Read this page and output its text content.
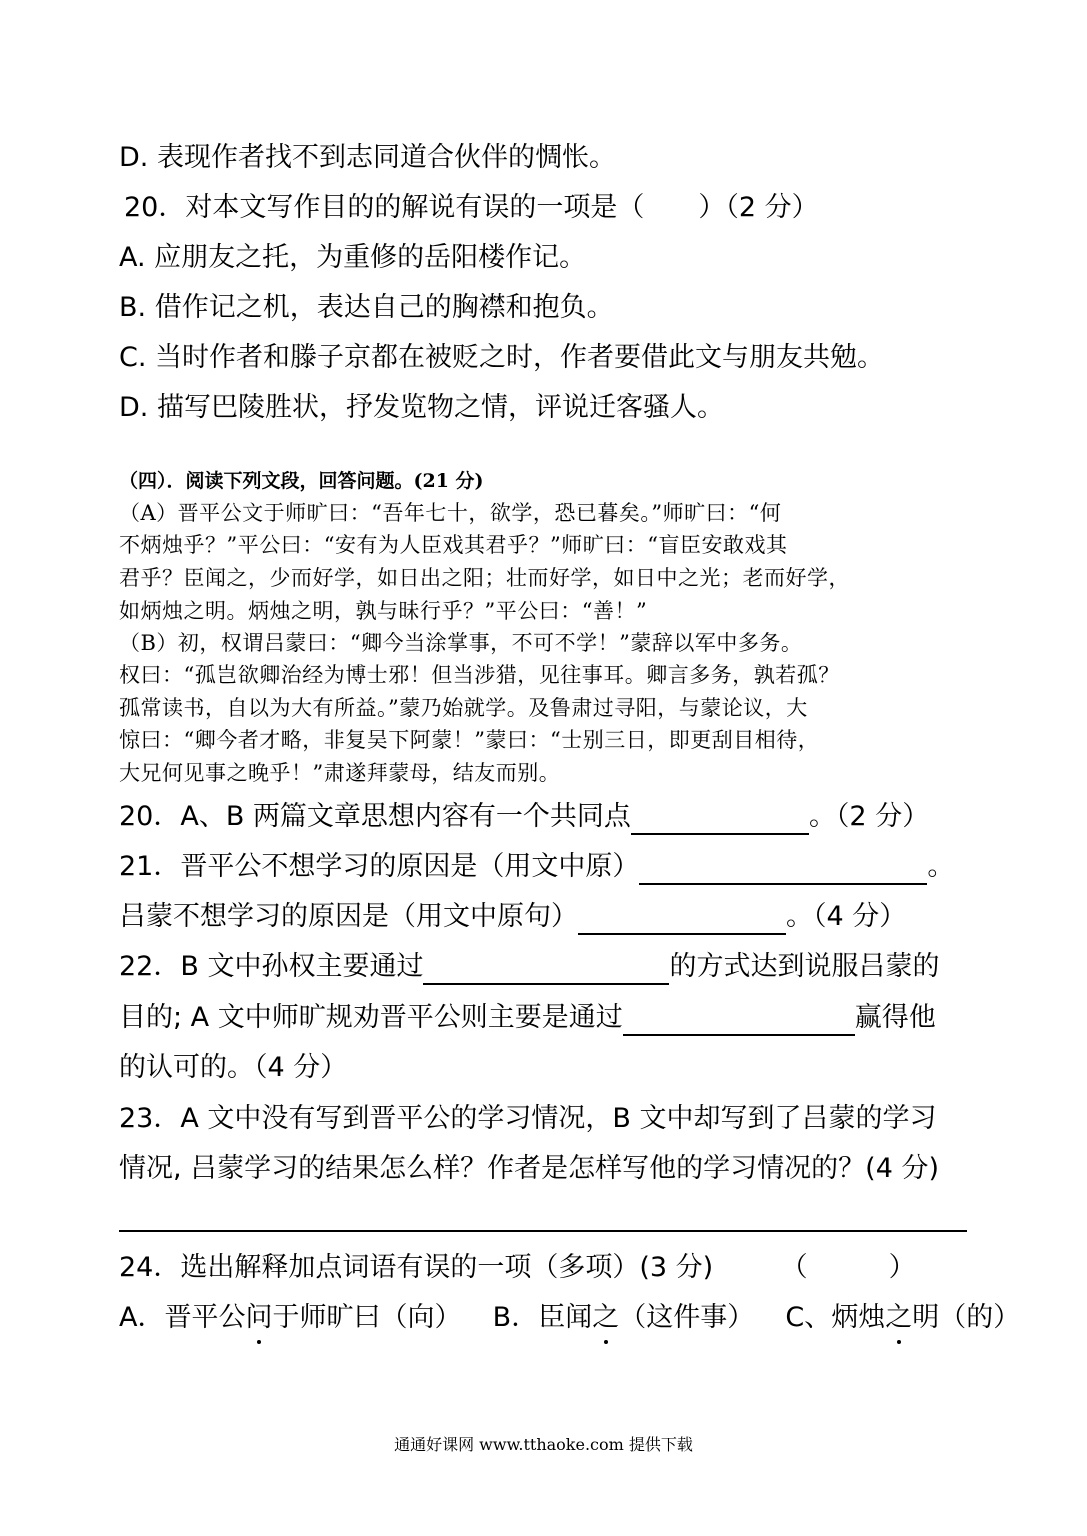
D. 表现作者找不到志同道合伙伴的惆怅。
20．对本文写作目的的解说有误的一项是（　　）（2 分）
A. 应朋友之托，为重修的岳阳楼作记。
B. 借作记之机，表达自己的胸襟和抱负。
C. 当时作者和滕子京都在被贬之时，作者要借此文与朋友共勉。
D. 描写巴陵胜状，抒发览物之情，评说迁客骚人。
（四）．阅读下列文段，回答问题。(21 分)
（A）晋平公文于师旷曰：“吾年七十，欲学，恐已暮矣。”师旷曰：“何
不炳烛乎？”平公曰：“安有为人臣戏其君乎？”师旷曰：“盲臣安敢戏其
君乎？臣闻之，少而好学，如日出之阳；壮而好学，如日中之光；老而好学，
如炳烛之明。炳烛之明，孰与昧行乎？”平公曰：“善！”
（B）初，权谓吕蒙曰：“卿今当涂掌事，不可不学！”蒙辞以军中多务。
权曰：“孤岂欲卿治经为博士邪！但当涉猎，见往事耳。卿言多务，孰若孤？
孤常读书，自以为大有所益。”蒙乃始就学。及鲁肃过寻阳，与蒙论议，大
惊曰：“卿今者才略，非复吴下阿蒙！”蒙曰：“士别三日，即更刮目相待，
大兄何见事之晚乎！”肃遂拜蒙母，结友而别。
20．A、B 两篇文章思想内容有一个共同点	。（2 分）
21．晋平公不想学习的原因是（用文中原）	。
吕蒙不想学习的原因是（用文中原句）	。（4 分）
22．B 文中孙权主要通过	的方式达到说服吕蒙的
目的; A 文中师旷规劝晋平公则主要是通过	赢得他
的认可的。（4 分）
23．A 文中没有写到晋平公的学习情况，B 文中却写到了吕蒙的学习
情况, 吕蒙学习的结果怎么样？作者是怎样写他的学习情况的？(4 分)
24．选出解释加点词语有误的一项（多项）(3 分)　　　（　　　）
A．晋平公问于师旷曰（向） B．臣闻之（这件事） C、炳烛之明（的）
通通好课网 www.tthaoke.com 提供下载
